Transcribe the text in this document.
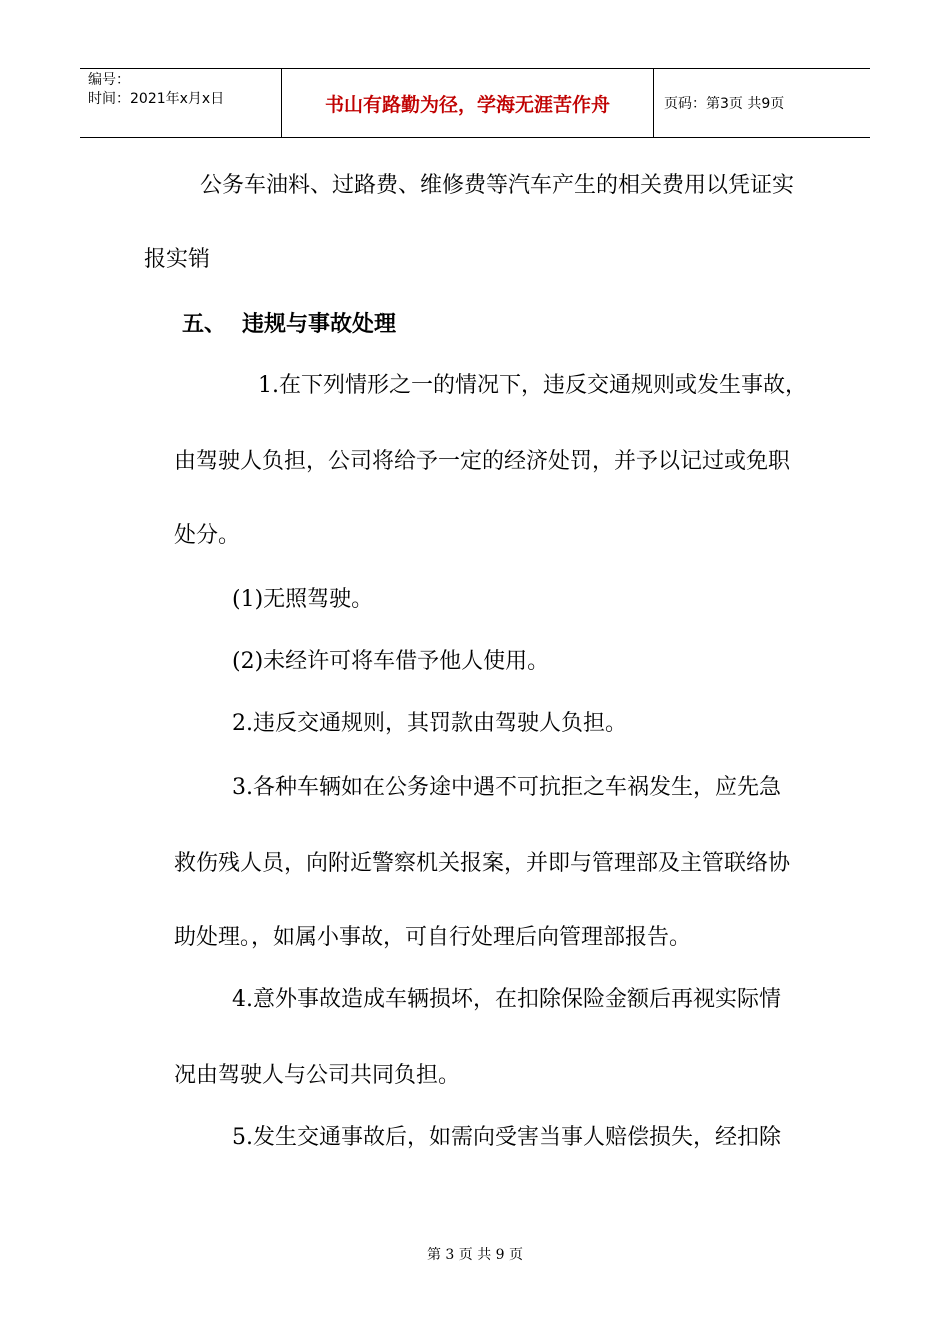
编号：
时间：2021年x月x日	书山有路勤为径，学海无涯苦作舟	页码：第3页 共9页
公务车油料、过路费、维修费等汽车产生的相关费用以凭证实
报实销
五、 违规与事故处理
1.在下列情形之一的情况下，违反交通规则或发生事故，
由驾驶人负担，公司将给予一定的经济处罚，并予以记过或免职
处分。
(1)无照驾驶。
(2)未经许可将车借予他人使用。
2.违反交通规则，其罚款由驾驶人负担。
3.各种车辆如在公务途中遇不可抗拒之车祸发生，应先急
救伤残人员，向附近警察机关报案，并即与管理部及主管联络协
助处理。，如属小事故，可自行处理后向管理部报告。
4.意外事故造成车辆损坏，在扣除保险金额后再视实际情
况由驾驶人与公司共同负担。
5.发生交通事故后，如需向受害当事人赔偿损失，经扣除
第 3 页 共 9 页
